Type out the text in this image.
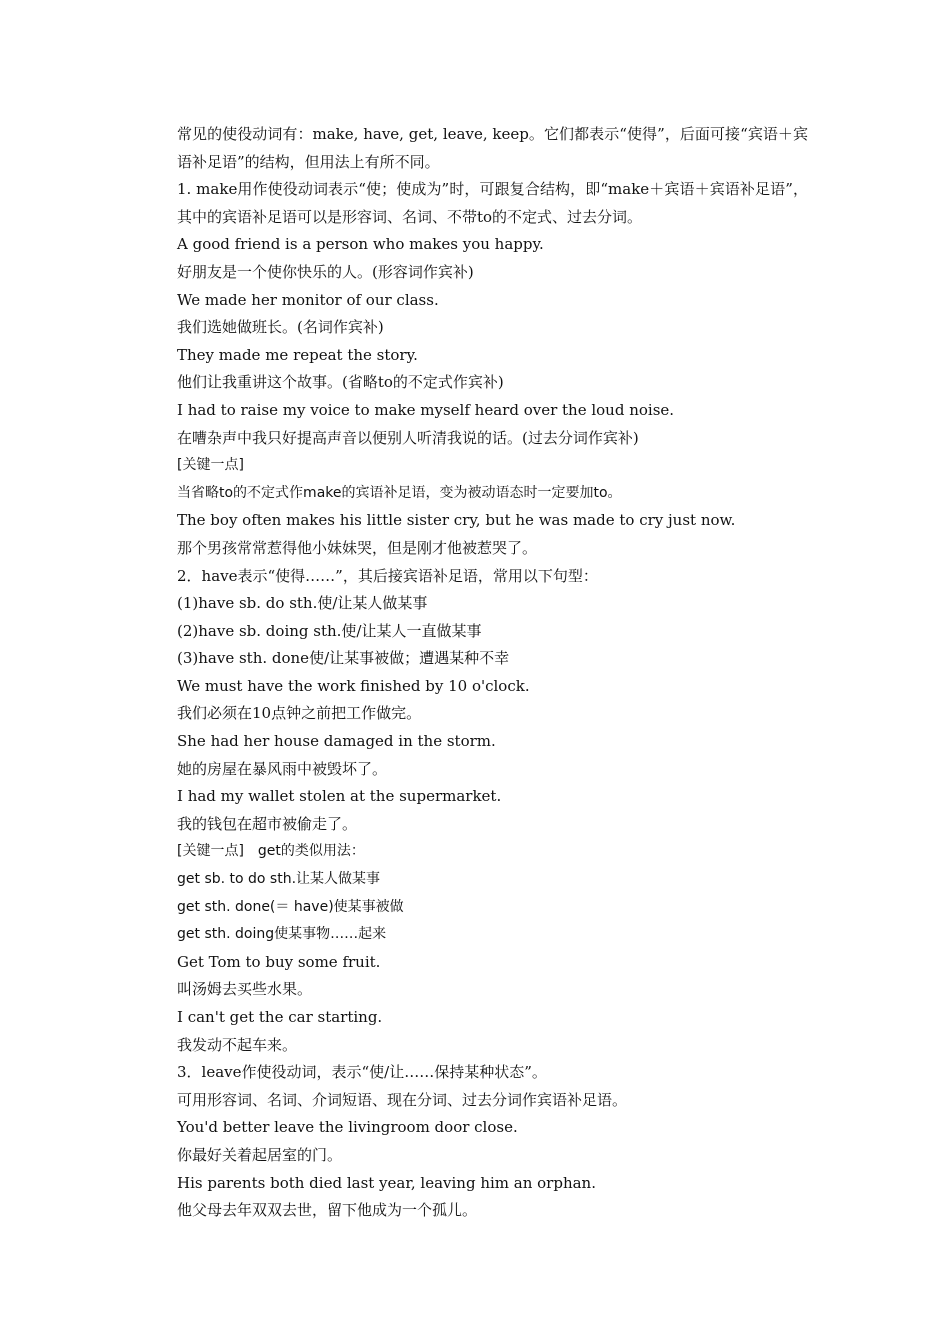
常见的使役动词有：make, have, get, leave, keep。它们都表示“使得”，后面可接“宾语＋宾语补足语”的结构，但用法上有所不同。
1. make用作使役动词表示“使；使成为”时，可跟复合结构，即“make＋宾语＋宾语补足语”，其中的宾语补足语可以是形容词、名词、不带to的不定式、过去分词。
A good friend is a person who makes you happy.
好朋友是一个使你快乐的人。(形容词作宾补)
We made her monitor of our class.
我们选她做班长。(名词作宾补)
They made me repeat the story.
他们让我重讲这个故事。(省略to的不定式作宾补)
I had to raise my voice to make myself heard over the loud noise.
在嘈杂声中我只好提高声音以便别人听清我说的话。(过去分词作宾补)
[关键一点]
当省略to的不定式作make的宾语补足语，变为被动语态时一定要加to。
The boy often makes his little sister cry, but he was made to cry just now.
那个男孩常常惹得他小妹妹哭，但是刚才他被惹哭了。
2．have表示“使得……”，其后接宾语补足语，常用以下句型：
(1)have sb. do sth.使/让某人做某事
(2)have sb. doing sth.使/让某人一直做某事
(3)have sth. done使/让某事被做；遭遇某种不幸
We must have the work finished by 10 o'clock.
我们必须在10点钟之前把工作做完。
She had her house damaged in the storm.
她的房屋在暴风雨中被毁坏了。
I had my wallet stolen at the supermarket.
我的钱包在超市被偷走了。
[关键一点]　get的类似用法：
get sb. to do sth.让某人做某事
get sth. done(＝ have)使某事被做
get sth. doing使某事物……起来
Get Tom to buy some fruit.
叫汤姆去买些水果。
I can't get the car starting.
我发动不起车来。
3．leave作使役动词，表示“使/让……保持某种状态”。
可用形容词、名词、介词短语、现在分词、过去分词作宾语补足语。
You'd better leave the livingroom door close.
你最好关着起居室的门。
His parents both died last year, leaving him an orphan.
他父母去年双双去世，留下他成为一个孤儿。
